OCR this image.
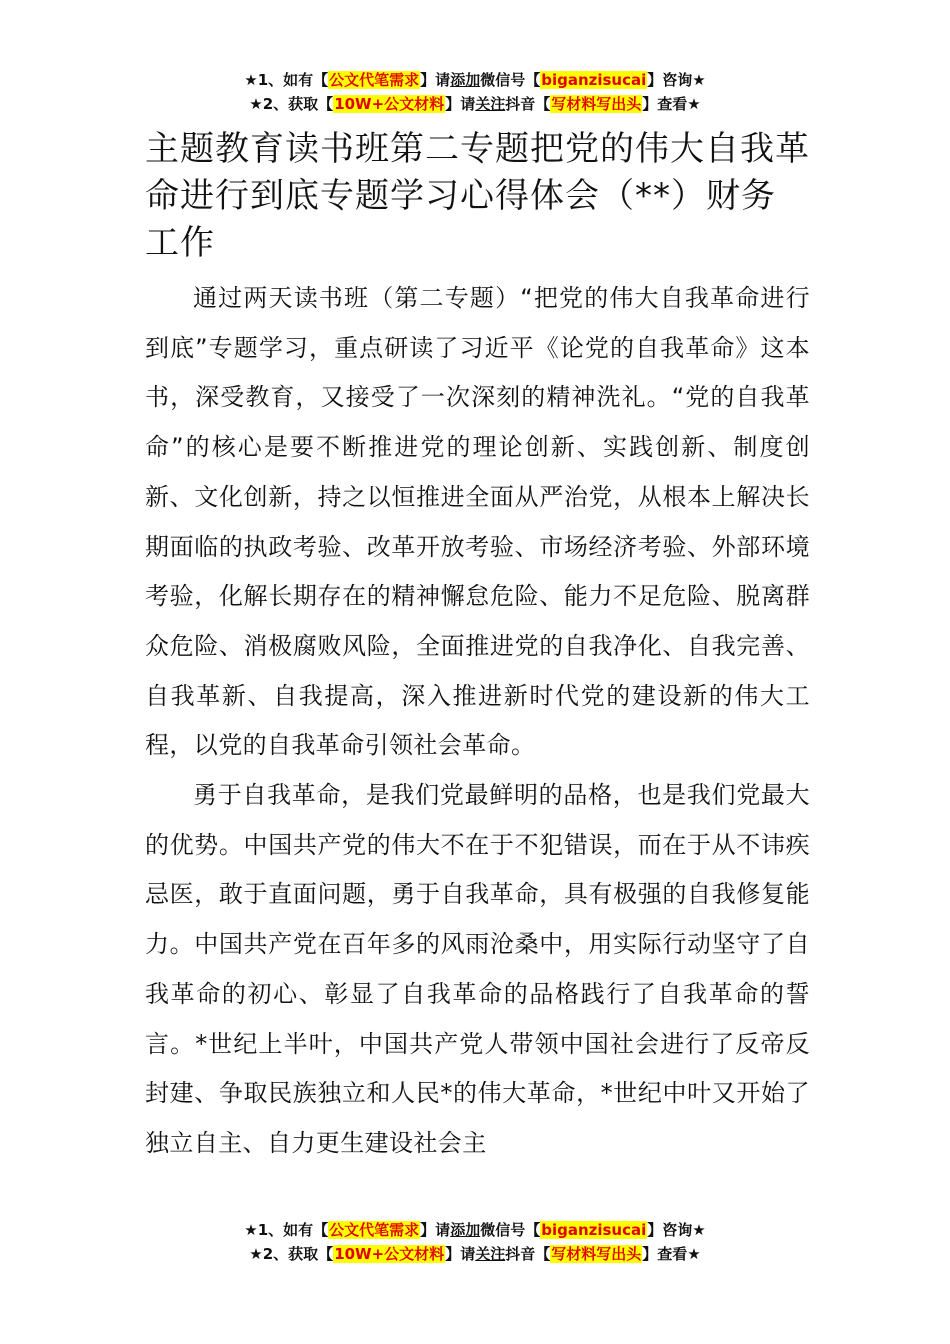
★1、如有【公文代笔需求】请添加微信号【biganzisucai】咨询★
★2、获取【10W+公文材料】请关注抖音【写材料写出头】查看★
主题教育读书班第二专题把党的伟大自我革命进行到底专题学习心得体会（**）财务工作

通过两天读书班（第二专题）“把党的伟大自我革命进行到底”专题学习，重点研读了习近平《论党的自我革命》这本书，深受教育，又接受了一次深刻的精神洗礼。“党的自我革命”的核心是要不断推进党的理论创新、实践创新、制度创新、文化创新，持之以恒推进全面从严治党，从根本上解决长期面临的执政考验、改革开放考验、市场经济考验、外部环境考验，化解长期存在的精神懈怠危险、能力不足危险、脱离群众危险、消极腐败风险，全面推进党的自我净化、自我完善、自我革新、自我提高，深入推进新时代党的建设新的伟大工程，以党的自我革命引领社会革命。

勇于自我革命，是我们党最鲜明的品格，也是我们党最大的优势。中国共产党的伟大不在于不犯错误，而在于从不讳疾忌医，敢于直面问题，勇于自我革命，具有极强的自我修复能力。中国共产党在百年多的风雨沧桑中，用实际行动坚守了自我革命的初心、彰显了自我革命的品格践行了自我革命的誓言。*世纪上半叶，中国共产党人带领中国社会进行了反帝反封建、争取民族独立和人民*的伟大革命，*世纪中叶又开始了独立自主、自力更生建设社会主

★1、如有【公文代笔需求】请添加微信号【biganzisucai】咨询★
★2、获取【10W+公文材料】请关注抖音【写材料写出头】查看★
